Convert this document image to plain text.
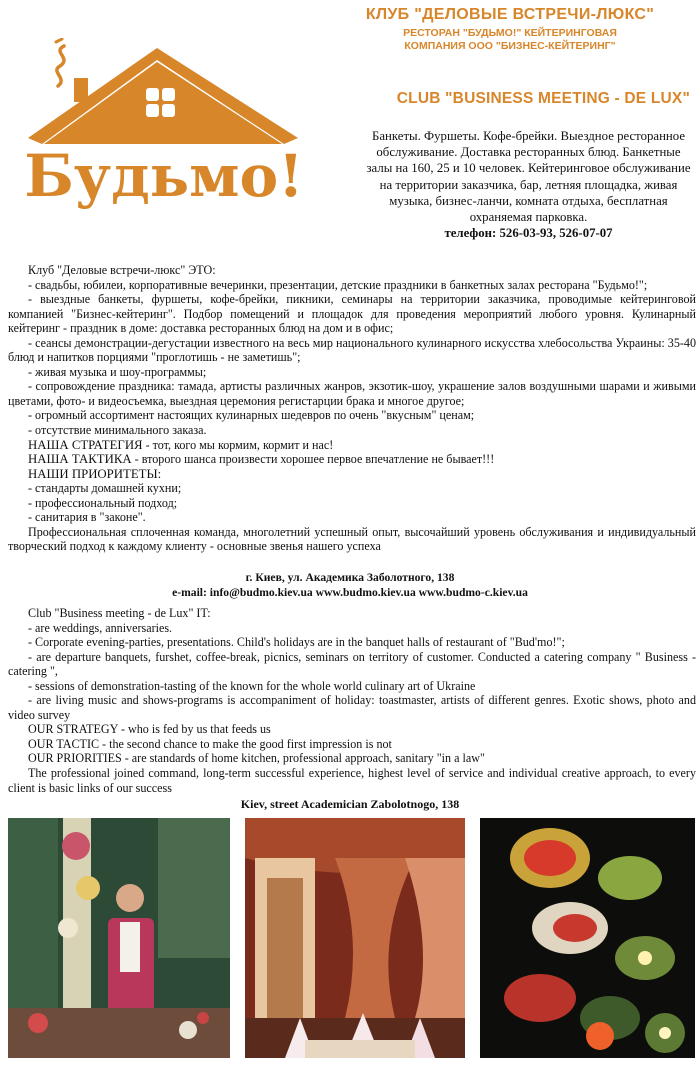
Будьмо!
КЛУБ "ДЕЛОВЫЕ ВСТРЕЧИ-ЛЮКС"
РЕСТОРАН "БУДЬМО!" КЕЙТЕРИНГОВАЯ
КОМПАНИЯ ООО "БИЗНЕС-КЕЙТЕРИНГ"
CLUB "BUSINESS MEETING - DE LUX"
Банкеты. Фуршеты. Кофе-брейки. Выездное ресторанное обслуживание. Доставка ресторанных блюд. Банкетные залы на 160, 25 и 10 человек. Кейтеринговое обслуживание на территории заказчика, бар, летняя площадка, живая музыка, бизнес-ланчи, комната отдыха, бесплатная охраняемая парковка.
телефон: 526-03-93, 526-07-07

Клуб "Деловые встречи-люкс" ЭТО:

- свадьбы, юбилеи, корпоративные вечеринки, презентации, детские праздники в банкетных залах ресторана "Будьмо!";

- выездные банкеты, фуршеты, кофе-брейки, пикники, семинары на территории заказчика, проводимые кейтеринговой компанией "Бизнес-кейтеринг". Подбор помещений и площадок для проведения мероприятий любого уровня. Кулинарный кейтеринг - праздник в доме: доставка ресторанных блюд на дом и в офис;

- сеансы демонстрации-дегустации известного на весь мир национального кулинарного искусства хлебосольства Украины: 35-40 блюд и напитков порциями "проглотишь - не заметишь";

- живая музыка и шоу-программы;

- сопровождение праздника: тамада, артисты различных жанров, экзотик-шоу, украшение залов воздушными шарами и живыми цветами, фото- и видеосъемка, выездная церемония регистарции брака и многое другое;

- огромный ассортимент настоящих кулинарных шедевров по очень "вкусным" ценам;

- отсутствие минимального заказа.

НАША СТРАТЕГИЯ - тот, кого мы кормим, кормит и нас!

НАША ТАКТИКА - второго шанса произвести хорошее первое впечатление не бывает!!!

НАШИ ПРИОРИТЕТЫ:

- стандарты домашней кухни;

- профессиональный подход;

- санитария в "законе".

Профессиональная сплоченная команда, многолетний успешный опыт, высочайший уровень обслуживания и индивидуальный творческий подход к каждому клиенту - основные звенья нашего успеха

г. Киев, ул. Академика Заболотного, 138
e-mail: info@budmo.kiev.ua www.budmo.kiev.ua www.budmo-c.kiev.ua

Club "Business meeting - de Lux" IT:

- are weddings, anniversaries.

- Corporate evening-parties, presentations. Child's holidays are in the banquet halls of restaurant of "Bud'mo!";

- are departure banquets, furshet, coffee-break, picnics, seminars on territory of customer. Conducted a catering company " Business - catering ",

- sessions of demonstration-tasting of the known for the whole world culinary art of Ukraine

- are living music and shows-programs is accompaniment of holiday: toastmaster, artists of different genres. Exotic shows, photo and video survey

OUR STRATEGY - who is fed by us that feeds us

OUR TACTIC - the second chance to make the good first impression is not

OUR PRIORITIES - are standards of home kitchen, professional approach, sanitary "in a law"

The professional joined command, long-term successful experience, highest level of service and individual creative approach, to every client is basic links of our success

Kiev, street Academician Zabolotnogo, 138
